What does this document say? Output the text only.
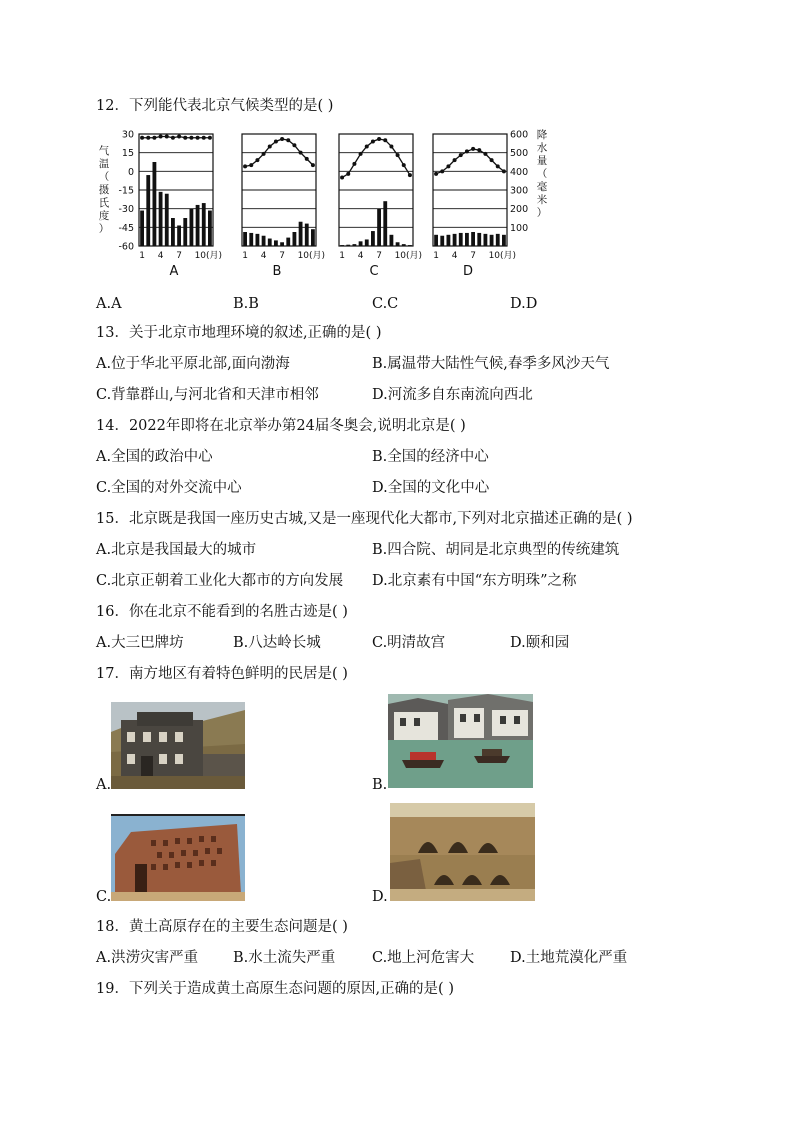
12．下列能代表北京气候类型的是( )
30
15
0
-15
-30
-45
-60
气
温
（
摄
氏
度
）
600
500
400
300
200
100
降
水
量
（
毫
米
）
1 4 7 10(月)
A
1 4 7 10(月)
B
1 4 7 10(月)
C
1 4 7 10(月)
D
A.A	B.B	C.C	D.D
13．关于北京市地理环境的叙述,正确的是( )
A.位于华北平原北部,面向渤海	B.属温带大陆性气候,春季多风沙天气
C.背靠群山,与河北省和天津市相邻	D.河流多自东南流向西北
14．2022年即将在北京举办第24届冬奥会,说明北京是( )
A.全国的政治中心	B.全国的经济中心
C.全国的对外交流中心	D.全国的文化中心
15．北京既是我国一座历史古城,又是一座现代化大都市,下列对北京描述正确的是( )
A.北京是我国最大的城市	B.四合院、胡同是北京典型的传统建筑
C.北京正朝着工业化大都市的方向发展 D.北京素有中国“东方明珠”之称
16．你在北京不能看到的名胜古迹是( )
A.大三巴牌坊	B.八达岭长城	C.明清故宫	D.颐和园
17．南方地区有着特色鲜明的民居是( )
A.	B.
C.	D.
18．黄土高原存在的主要生态问题是( )
A.洪涝灾害严重 B.水土流失严重	C.地上河危害大 D.土地荒漠化严重
19．下列关于造成黄土高原生态问题的原因,正确的是( )
